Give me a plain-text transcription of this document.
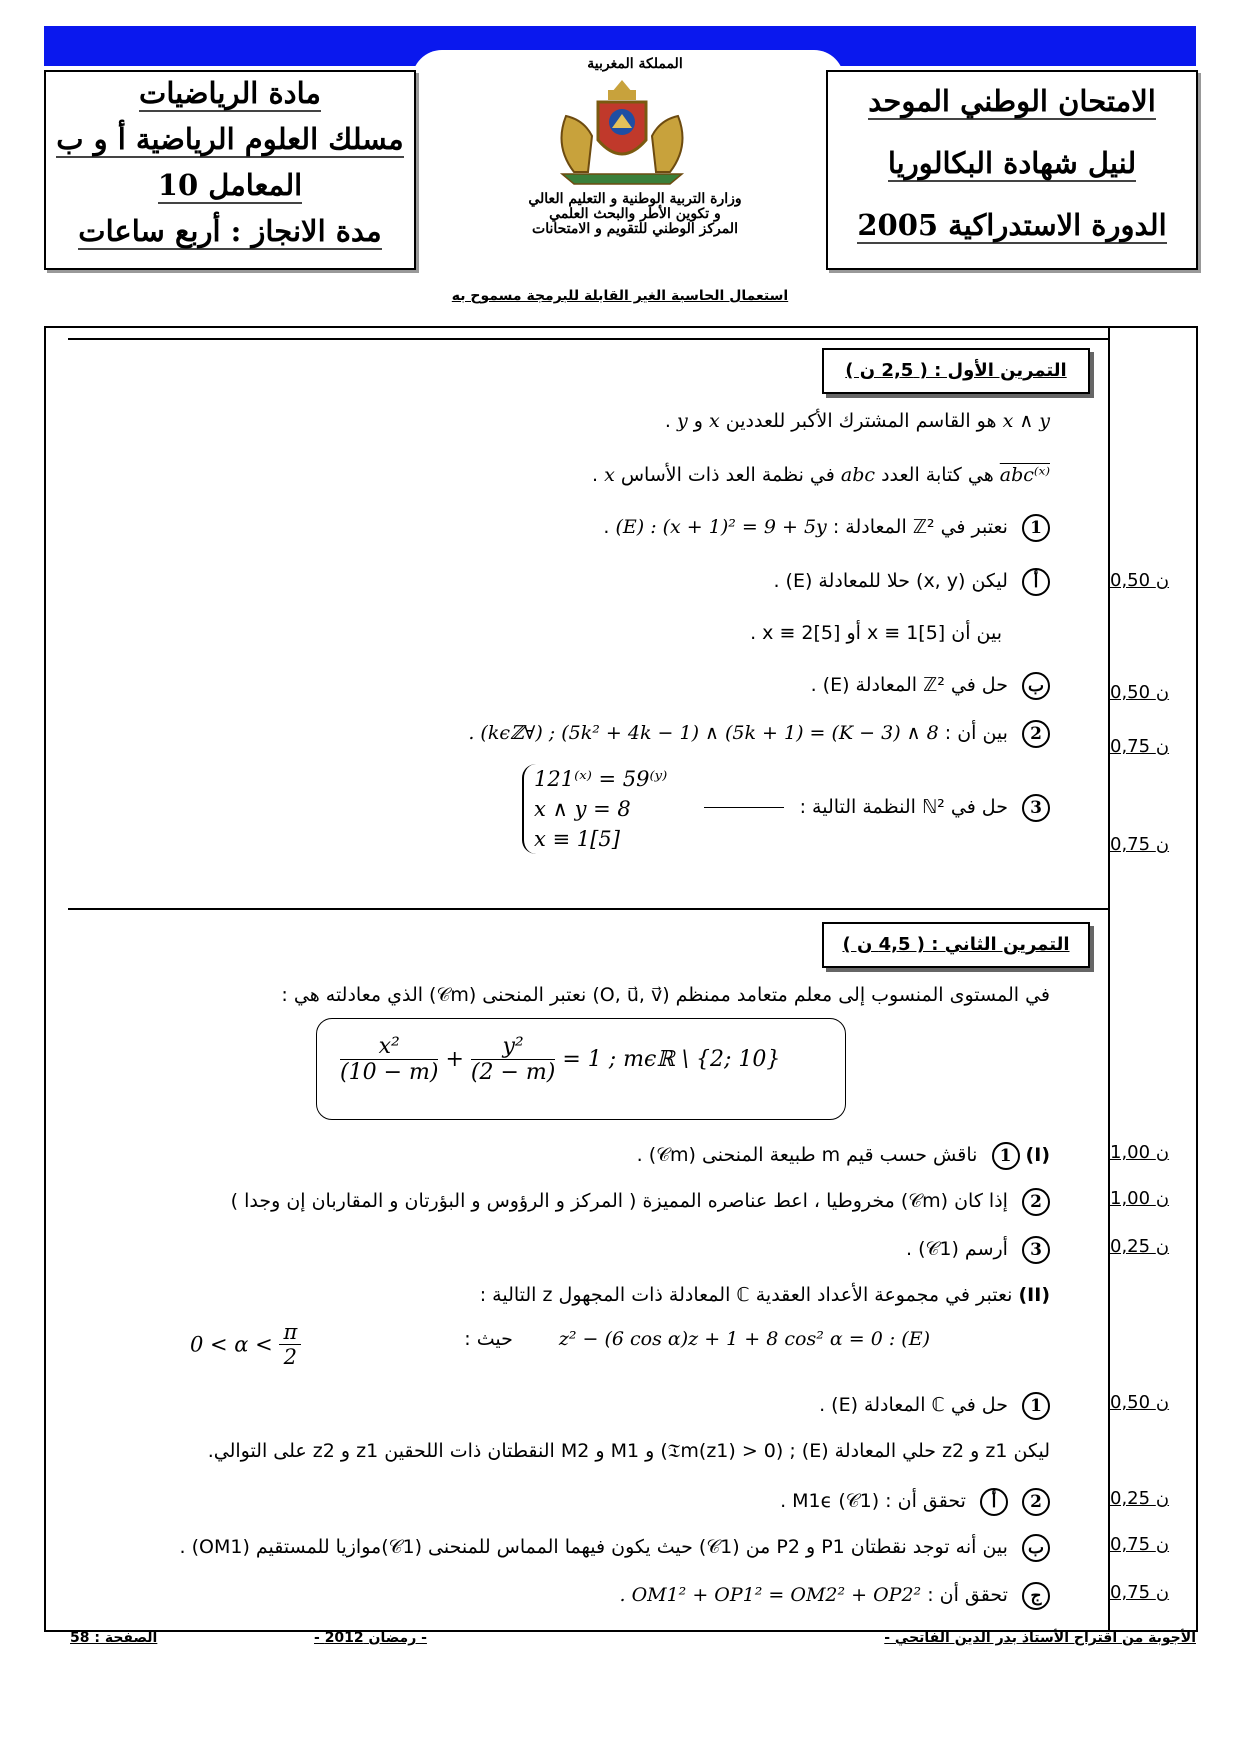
الامتحان الوطني الموحد
لنيل شهادة البكالوريا
الدورة الاستدراكية 2005
مادة الرياضيات
مسلك العلوم الرياضية أ و ب
المعامل 10
مدة الانجاز : أربع ساعات
المملكة المغربية
وزارة التربية الوطنية و التعليم العالي
و تكوين الأطر والبحث العلمي
المركز الوطني للتقويم و الامتحانات
استعمال الحاسبة الغير القابلة للبرمجة مسموح به
التمرين الأول : ( 2,5 ن )
x ∧ y هو القاسم المشترك الأكبر للعددين x و y .
abc⁽ˣ⁾ هي كتابة العدد abc في نظمة العد ذات الأساس x .
1 نعتبر في ℤ² المعادلة : (E) : (x + 1)² = 9 + 5y .
أ ليكن (x, y) حلا للمعادلة (E) .
بين أن x ≡ 1[5] أو x ≡ 2[5] .
ب حل في ℤ² المعادلة (E) .
2 بين أن : 8 ∧ (K − 3) = (5k + 1) ∧ (5k² + 4k − 1) ; (∀kϵℤ) .
3 حل في ℕ² النظمة التالية :
121⁽ˣ⁾ = 59⁽ʸ⁾
x ∧ y = 8
x ≡ 1[5]
0,50 ن
0,50 ن
0,75 ن
0,75 ن
التمرين الثاني : ( 4,5 ن )
في المستوى المنسوب إلى معلم متعامد ممنظم (O, u⃗, v⃗) نعتبر المنحنى (𝒞m) الذي معادلته هي :
$\frac{\text{x²}}{(10 - m)} + \frac{\text{y²}}{(2 - m)} = 1$ ; mϵℝ \ {2; 10}
(I) 1 ناقش حسب قيم m طبيعة المنحنى (𝒞m) .
2 إذا كان (𝒞m) مخروطيا ، اعط عناصره المميزة ( المركز و الرؤوس و البؤرتان و المقاربان إن وجدا )
3 أرسم (𝒞1) .
(II) نعتبر في مجموعة الأعداد العقدية ℂ المعادلة ذات المجهول z التالية :
(E) : z² − (6 cos α)z + 1 + 8 cos² α = 0 حيث :
$0 < \alpha < \frac{\pi}{2}$
1 حل في ℂ المعادلة (E) .
ليكن z1 و z2 حلي المعادلة (E) ; (𝔗m(z1) > 0) و M1 و M2 النقطتان ذات اللحقين z1 و z2 على التوالي.
2 أ تحقق أن : M1ϵ (𝒞1) .
ب بين أنه توجد نقطتان P1 و P2 من (𝒞1) حيث يكون فيهما المماس للمنحنى (𝒞1)موازيا للمستقيم (OM1) .
ج تحقق أن : OM1² + OP1² = OM2² + OP2² .
1,00 ن
1,00 ن
0,25 ن
0,50 ن
0,25 ن
0,75 ن
0,75 ن
الأجوبة من اقتراح الأستاذ بدر الدين الفاتحي -
- رمضان 2012 -
الصفحة : 58
